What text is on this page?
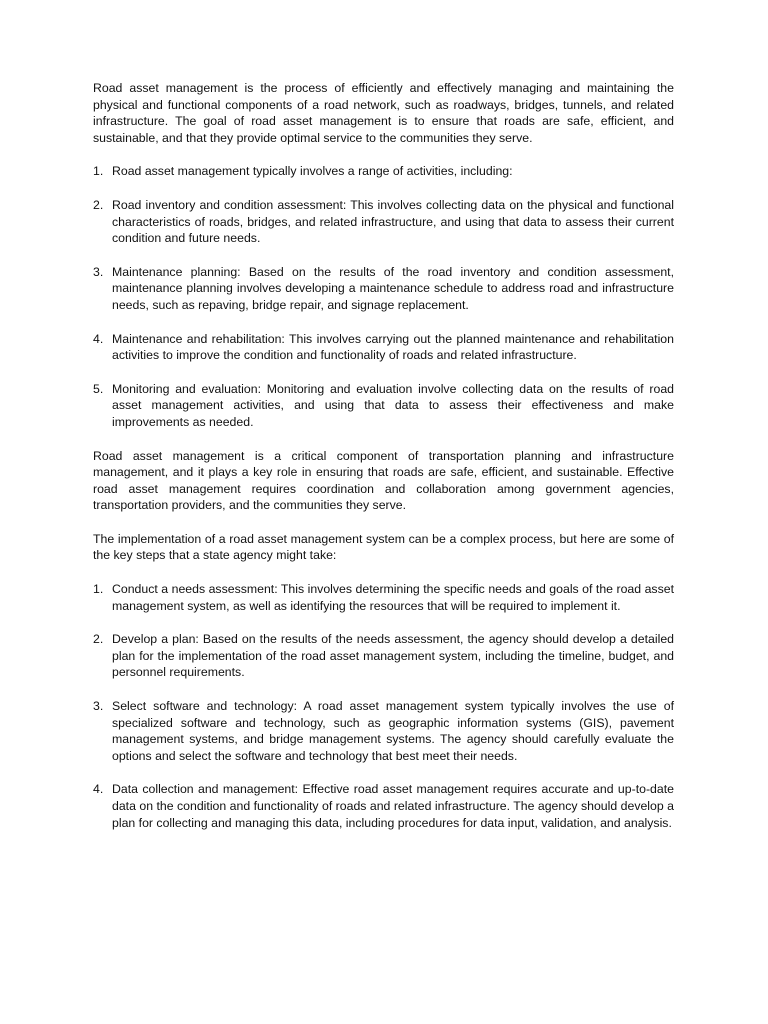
Road asset management is the process of efficiently and effectively managing and maintaining the physical and functional components of a road network, such as roadways, bridges, tunnels, and related infrastructure. The goal of road asset management is to ensure that roads are safe, efficient, and sustainable, and that they provide optimal service to the communities they serve.

1. Road asset management typically involves a range of activities, including:
2. Road inventory and condition assessment: This involves collecting data on the physical and functional characteristics of roads, bridges, and related infrastructure, and using that data to assess their current condition and future needs.
3. Maintenance planning: Based on the results of the road inventory and condition assessment, maintenance planning involves developing a maintenance schedule to address road and infrastructure needs, such as repaving, bridge repair, and signage replacement.
4. Maintenance and rehabilitation: This involves carrying out the planned maintenance and rehabilitation activities to improve the condition and functionality of roads and related infrastructure.
5. Monitoring and evaluation: Monitoring and evaluation involve collecting data on the results of road asset management activities, and using that data to assess their effectiveness and make improvements as needed.

Road asset management is a critical component of transportation planning and infrastructure management, and it plays a key role in ensuring that roads are safe, efficient, and sustainable. Effective road asset management requires coordination and collaboration among government agencies, transportation providers, and the communities they serve.

The implementation of a road asset management system can be a complex process, but here are some of the key steps that a state agency might take:

1. Conduct a needs assessment: This involves determining the specific needs and goals of the road asset management system, as well as identifying the resources that will be required to implement it.
2. Develop a plan: Based on the results of the needs assessment, the agency should develop a detailed plan for the implementation of the road asset management system, including the timeline, budget, and personnel requirements.
3. Select software and technology: A road asset management system typically involves the use of specialized software and technology, such as geographic information systems (GIS), pavement management systems, and bridge management systems. The agency should carefully evaluate the options and select the software and technology that best meet their needs.
4. Data collection and management: Effective road asset management requires accurate and up-to-date data on the condition and functionality of roads and related infrastructure. The agency should develop a plan for collecting and managing this data, including procedures for data input, validation, and analysis.
